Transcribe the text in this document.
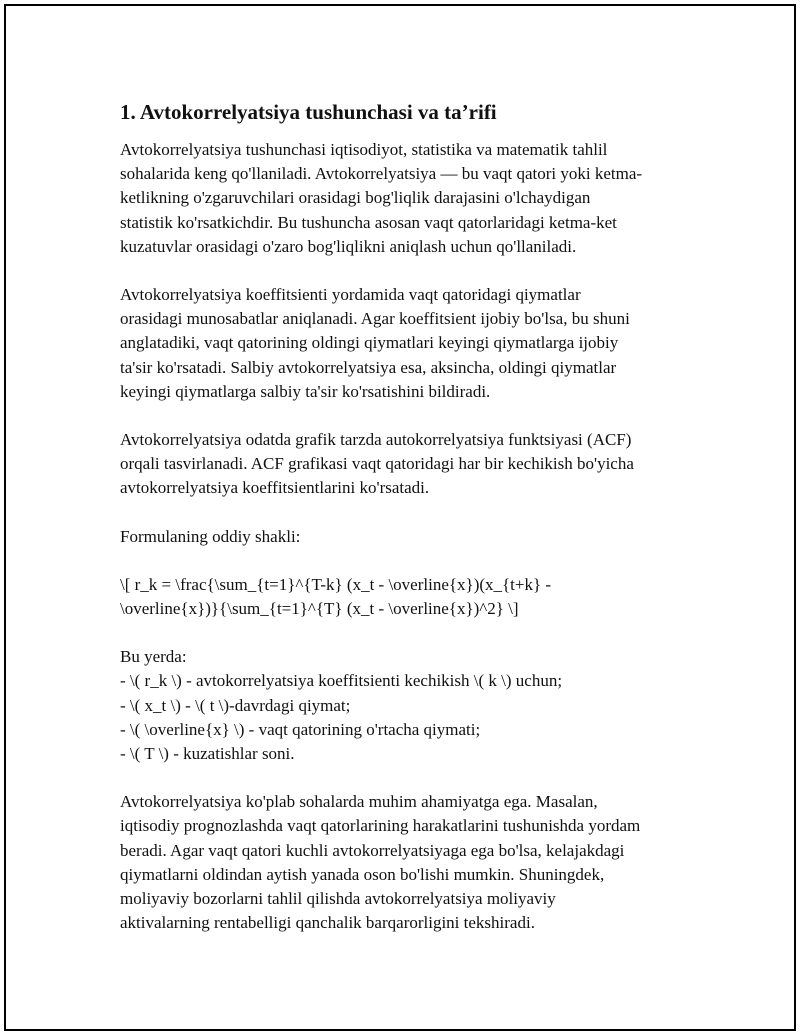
1. Avtokorrelyatsiya tushunchasi va ta’rifi
Avtokorrelyatsiya tushunchasi iqtisodiyot, statistika va matematik tahlil
sohalarida keng qo'llaniladi. Avtokorrelyatsiya — bu vaqt qatori yoki ketma-
ketlikning o'zgaruvchilari orasidagi bog'liqlik darajasini o'lchaydigan
statistik ko'rsatkichdir. Bu tushuncha asosan vaqt qatorlaridagi ketma-ket
kuzatuvlar orasidagi o'zaro bog'liqlikni aniqlash uchun qo'llaniladi.
Avtokorrelyatsiya koeffitsienti yordamida vaqt qatoridagi qiymatlar
orasidagi munosabatlar aniqlanadi. Agar koeffitsient ijobiy bo'lsa, bu shuni
anglatadiki, vaqt qatorining oldingi qiymatlari keyingi qiymatlarga ijobiy
ta'sir ko'rsatadi. Salbiy avtokorrelyatsiya esa, aksincha, oldingi qiymatlar
keyingi qiymatlarga salbiy ta'sir ko'rsatishini bildiradi.
Avtokorrelyatsiya odatda grafik tarzda autokorrelyatsiya funktsiyasi (ACF)
orqali tasvirlanadi. ACF grafikasi vaqt qatoridagi har bir kechikish bo'yicha
avtokorrelyatsiya koeffitsientlarini ko'rsatadi.
Formulaning oddiy shakli:
\[ r_k = \frac{\sum_{t=1}^{T-k} (x_t - \overline{x})(x_{t+k} -
\overline{x})}{\sum_{t=1}^{T} (x_t - \overline{x})^2} \]
Bu yerda:
- \( r_k \) - avtokorrelyatsiya koeffitsienti kechikish \( k \) uchun;
- \( x_t \) - \( t \)-davrdagi qiymat;
- \( \overline{x} \) - vaqt qatorining o'rtacha qiymati;
- \( T \) - kuzatishlar soni.
Avtokorrelyatsiya ko'plab sohalarda muhim ahamiyatga ega. Masalan,
iqtisodiy prognozlashda vaqt qatorlarining harakatlarini tushunishda yordam
beradi. Agar vaqt qatori kuchli avtokorrelyatsiyaga ega bo'lsa, kelajakdagi
qiymatlarni oldindan aytish yanada oson bo'lishi mumkin. Shuningdek,
moliyaviy bozorlarni tahlil qilishda avtokorrelyatsiya moliyaviy
aktivalarning rentabelligi qanchalik barqarorligini tekshiradi.
